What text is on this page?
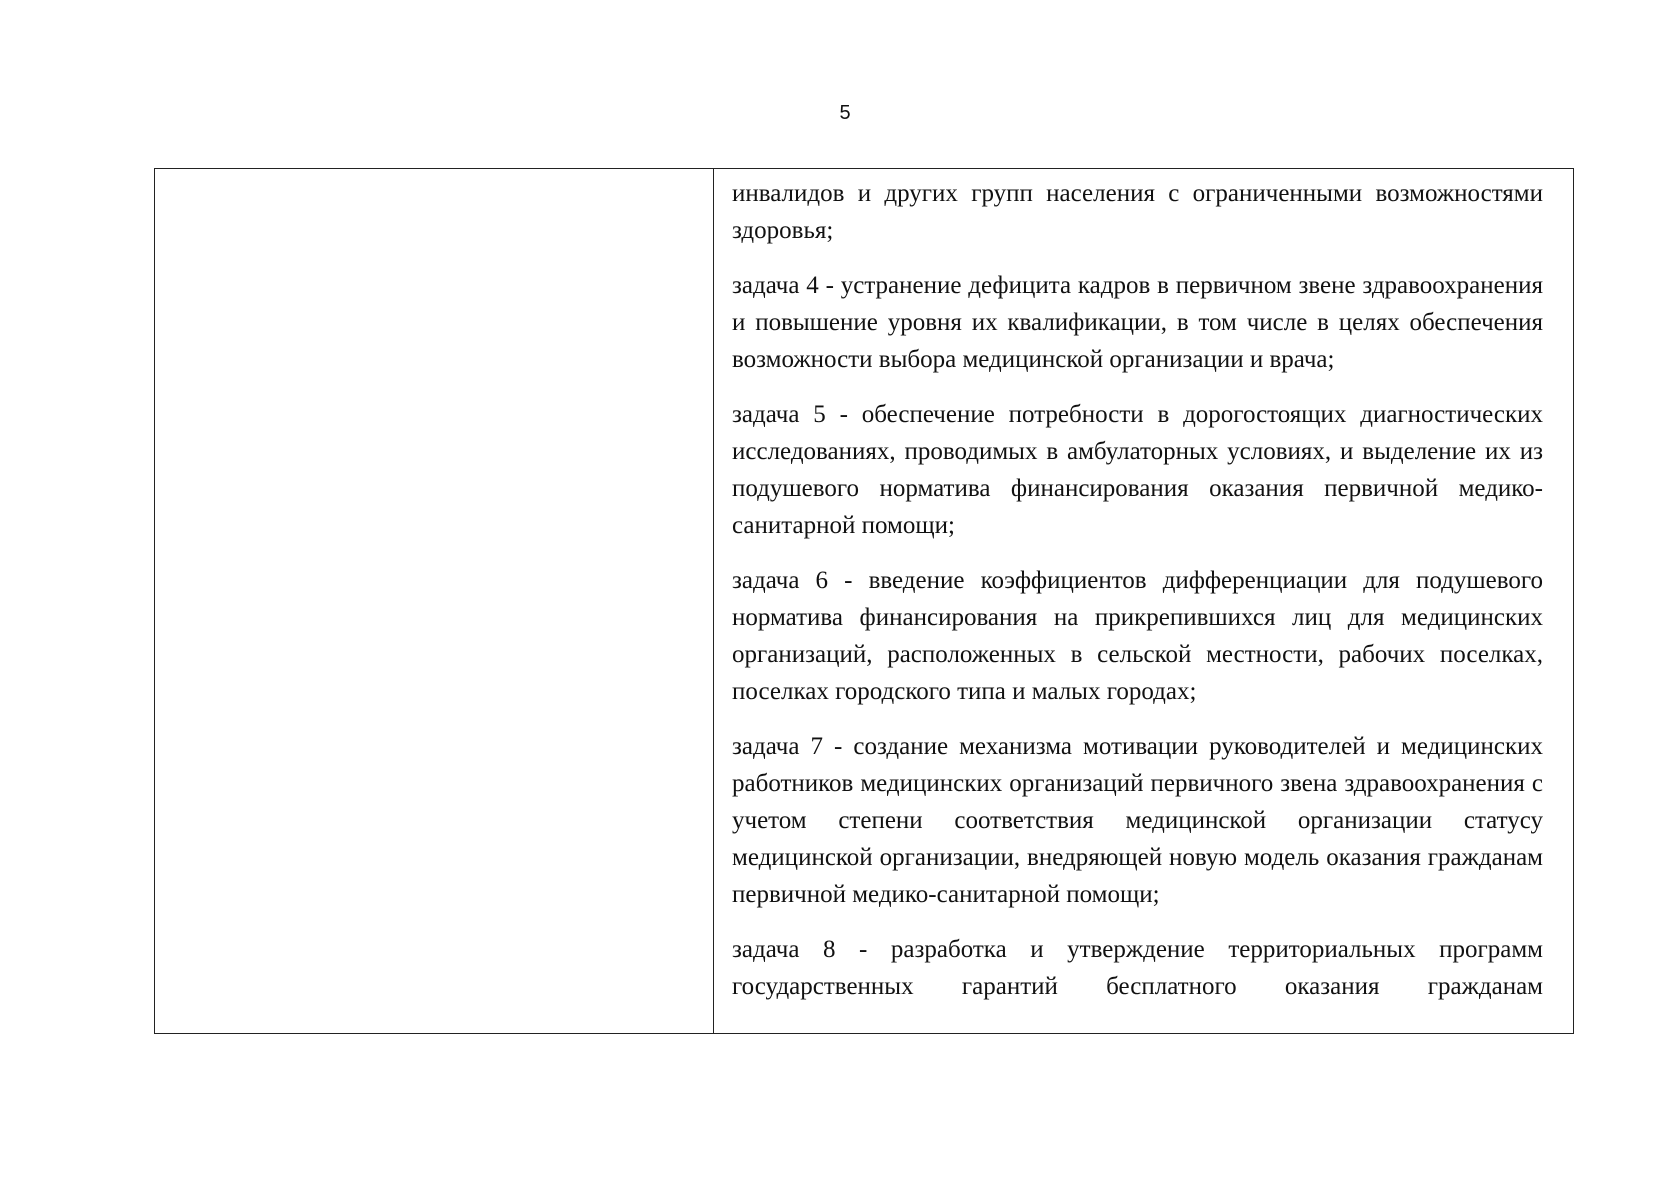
5

инвалидов и других групп населения с ограниченными возможностями здоровья;

задача 4 - устранение дефицита кадров в первичном звене здравоохранения и повышение уровня их квалификации, в том числе в целях обеспечения возможности выбора медицинской организации и врача;

задача 5 - обеспечение потребности в дорогостоящих диагностических исследованиях, проводимых в амбулаторных условиях, и выделение их из подушевого норматива финансирования оказания первичной медико-санитарной помощи;

задача 6 - введение коэффициентов дифференциации для подушевого норматива финансирования на прикрепившихся лиц для медицинских организаций, расположенных в сельской местности, рабочих поселках, поселках городского типа и малых городах;

задача 7 - создание механизма мотивации руководителей и медицинских работников медицинских организаций первичного звена здравоохранения с учетом степени соответствия медицинской организации статусу медицинской организации, внедряющей новую модель оказания гражданам первичной медико-санитарной помощи;

задача 8 - разработка и утверждение территориальных программ государственных гарантий бесплатного оказания гражданам
